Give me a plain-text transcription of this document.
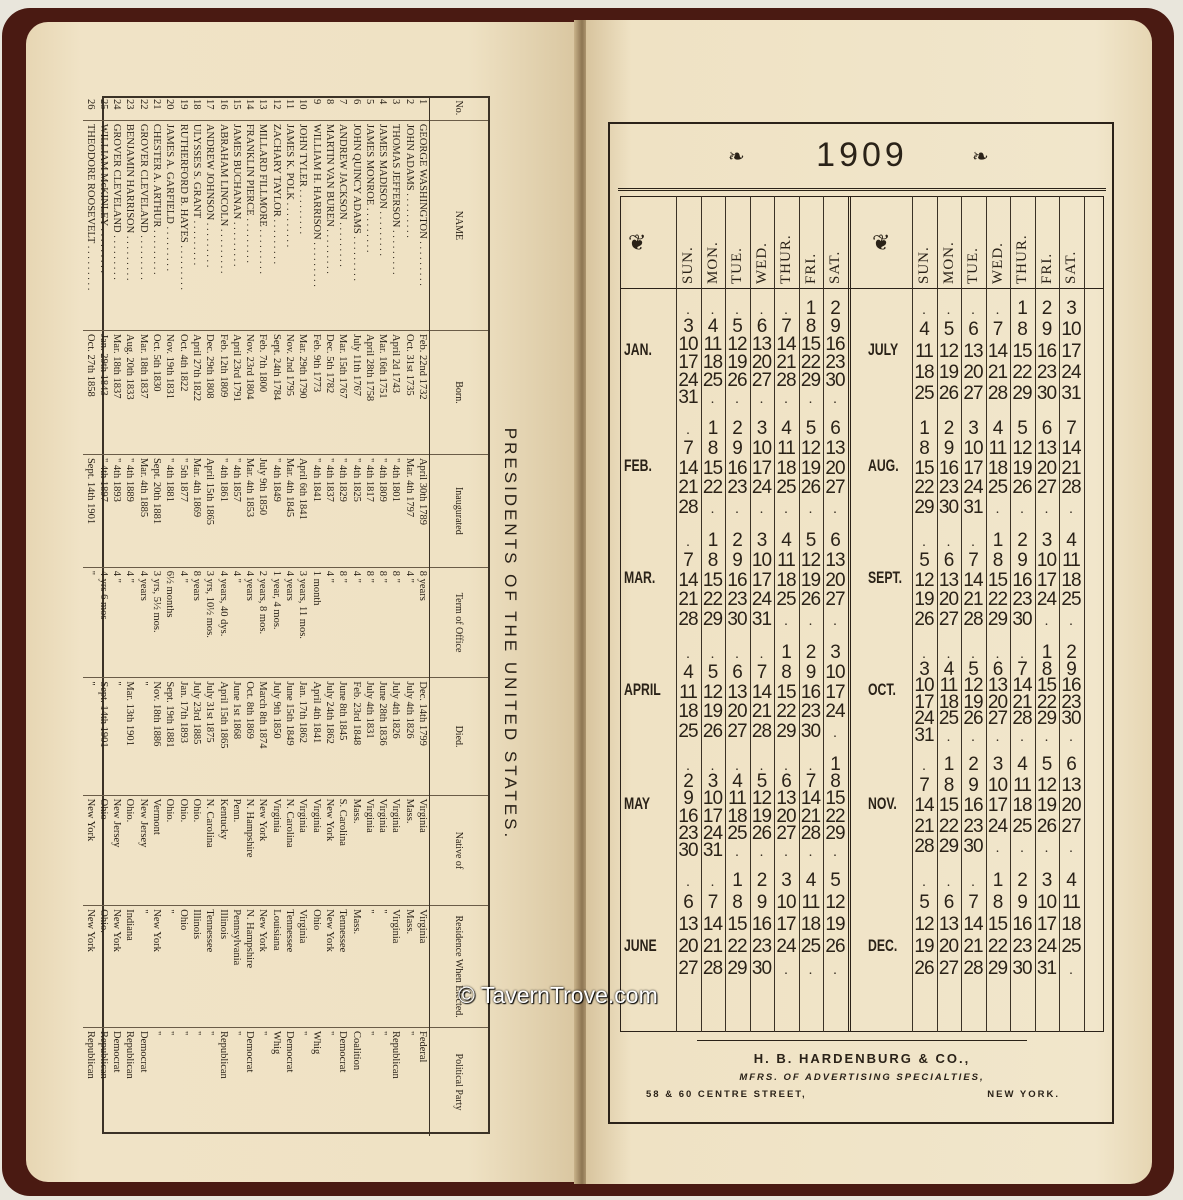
PRESIDENTS OF THE UNITED STATES.
No.	NAME	Born.	Inaugurated	Term of Office	Died.	Native of	Residence When Elected.	Political Party
1	GEORGE WASHINGTON . . . . . . . . .	Feb. 22nd 1732	April 30th 1789	8 years	Dec. 14th 1799	Virginia	Virginia	Federal
2	JOHN ADAMS . . . . . . . . .	Oct. 31st 1735	Mar. 4th 1797	4 "	July 4th 1826	Mass.	Mass.	"
3	THOMAS JEFFERSON . . . . . . . . .	April 2d 1743	" 4th 1801	8 "	July 4th 1826	Virginia	Virginia	Republican
4	JAMES MADISON . . . . . . . . .	Mar. 16th 1751	" 4th 1809	8 "	June 28th 1836	Virginia	"	"
5	JAMES MONROE . . . . . . . . .	April 28th 1758	" 4th 1817	8 "	July 4th 1831	Virginia	"	"
6	JOHN QUINCY ADAMS . . . . . . . . .	July 11th 1767	" 4th 1825	4 "	Feb. 23rd 1848	Mass.	Mass.	Coalition
7	ANDREW JACKSON . . . . . . . . .	Mar. 15th 1767	" 4th 1829	8 "	June 8th 1845	S. Carolina	Tennessee	Democrat
8	MARTIN VAN BUREN . . . . . . . . .	Dec. 5th 1782	" 4th 1837	4 "	July 24th 1862	New York	New York	"
9	WILLIAM H. HARRISON . . . . . . . . .	Feb. 9th 1773	" 4th 1841	1 month	April 4th 1841	Virginia	Ohio	Whig
10	JOHN TYLER . . . . . . . . .	Mar. 29th 1790	April 6th 1841	3 years, 11 mos.	Jan. 17th 1862	Virginia	Virginia	"
11	JAMES K. POLK . . . . . . . . .	Nov. 2nd 1795	Mar. 4th 1845	4 years	June 15th 1849	N. Carolina	Tennessee	Democrat
12	ZACHARY TAYLOR . . . . . . . . .	Sept. 24th 1784	" 4th 1849	1 year, 4 mos.	July 9th 1850	Virginia	Louisiana	Whig
13	MILLARD FILLMORE . . . . . . . . .	Feb. 7th 1800	July 9th 1850	2 years, 8 mos.	March 8th 1874	New York	New York	"
14	FRANKLIN PIERCE . . . . . . . . .	Nov. 23rd 1804	Mar. 4th 1853	4 years	Oct. 8th 1869	N. Hampshire	N. Hampshire	Democrat
15	JAMES BUCHANAN . . . . . . . . .	April 23rd 1791	" 4th 1857	4 "	June 1st 1868	Penn.	Pennsylvania	"
16	ABRAHAM LINCOLN . . . . . . . . .	Feb. 12th 1809	" 4th 1861	4 years, 40 dys.	April 15th 1865	Kentucky	Illinois	Republican
17	ANDREW JOHNSON . . . . . . . . .	Dec. 29th 1808	April 15th 1865	3 yrs, 10½ mos.	July 31st 1875	N. Carolina	Tennessee	"
18	ULYSSES S. GRANT . . . . . . . . .	April 27th 1822	Mar. 4th 1869	8 years	July 23rd 1885	Ohio.	Illinois	"
19	RUTHERFORD B. HAYES . . . . . . . . .	Oct. 4th 1822	" 5th 1877	4 "	Jan. 17th 1893	Ohio.	Ohio	"
20	JAMES A. GARFIELD . . . . . . . . .	Nov. 19th 1831	" 4th 1881	6½ months	Sept. 19th 1881	Ohio.	"	"
21	CHESTER A. ARTHUR . . . . . . . . .	Oct. 5th 1830	Sept. 20th 1881	3 yrs, 5½ mos.	Nov. 18th 1886	Vermont	New York	"
22	GROVER CLEVELAND . . . . . . . . .	Mar. 18th 1837	Mar. 4th 1885	4 years	"	New Jersey	"	Democrat
23	BENJAMIN HARRISON . . . . . . . . .	Aug. 20th 1833	" 4th 1889	4 "	Mar. 13th 1901	Ohio.	Indiana	Republican
24	GROVER CLEVELAND . . . . . . . . .	Mar. 18th 1837	" 4th 1893	4 "	"	New Jersey	New York	Democrat
25	WILLIAM McKINLEY . . . . . . . . .	Jan. 29th 1843	" 4th 1897	4 yrs 6 mos	Sept. 14th 1901	Ohio	Ohio.	Republican
26	THEODORE ROOSEVELT . . . . . . . . .	Oct. 27th 1858	Sept. 14th 1901	"	"	New York	New York	Republican
❧	1909	❧
❦
SUN. MON. TUE. WED. THUR. FRI. SAT.
JAN.
.	.	.	.	. 1 2
3 4 5 6 7 8 9
10 11 12 13 14 15 16
17 18 19 20 21 22 23
24 25 26 27 28 29 30
31 .	.	.	.	.	.
FEB.
. 1 2 3 4 5 6
7 8 9 10 11 12 13
14 15 16 17 18 19 20
21 22 23 24 25 26 27
28 .	.	.	.	.	.
MAR.
. 1 2 3 4 5 6
7 8 9 10 11 12 13
14 15 16 17 18 19 20
21 22 23 24 25 26 27
28 29 30 31 .	.	.
APRIL
.	.	.	. 1 2 3
4 5 6 7 8 9 10
11 12 13 14 15 16 17
18 19 20 21 22 23 24
25 26 27 28 29 30 .
MAY
.	.	.	.	.	. 1
2 3 4 5 6 7 8
9 10 11 12 13 14 15
16 17 18 19 20 21 22
23 24 25 26 27 28 29
30 31 .	.	.	.	.
JUNE
.	. 1 2 3 4 5
6 7 8 9 10 11 12
13 14 15 16 17 18 19
20 21 22 23 24 25 26
27 28 29 30 .	.	.
❦
SUN. MON. TUE. WED. THUR. FRI. SAT.
JULY
.	.	.	. 1 2 3
4 5 6 7 8 9 10
11 12 13 14 15 16 17
18 19 20 21 22 23 24
25 26 27 28 29 30 31
AUG.
1 2 3 4 5 6 7
8 9 10 11 12 13 14
15 16 17 18 19 20 21
22 23 24 25 26 27 28
29 30 31 .	.	.	.
SEPT.
.	.	. 1 2 3 4
5 6 7 8 9 10 11
12 13 14 15 16 17 18
19 20 21 22 23 24 25
26 27 28 29 30 .	.
OCT.
.	.	.	.	. 1 2
3 4 5 6 7 8 9
10 11 12 13 14 15 16
17 18 19 20 21 22 23
24 25 26 27 28 29 30
31 .	.	.	.	.	.
NOV.
. 1 2 3 4 5 6
7 8 9 10 11 12 13
14 15 16 17 18 19 20
21 22 23 24 25 26 27
28 29 30 .	.	.	.
DEC.
.	.	. 1 2 3 4
5 6 7 8 9 10 11
12 13 14 15 16 17 18
19 20 21 22 23 24 25
26 27 28 29 30 31 .
H. B. HARDENBURG & CO.,
MFRS. OF ADVERTISING SPECIALTIES,
58 & 60 CENTRE STREET,	NEW YORK.
© TavernTrove.com
